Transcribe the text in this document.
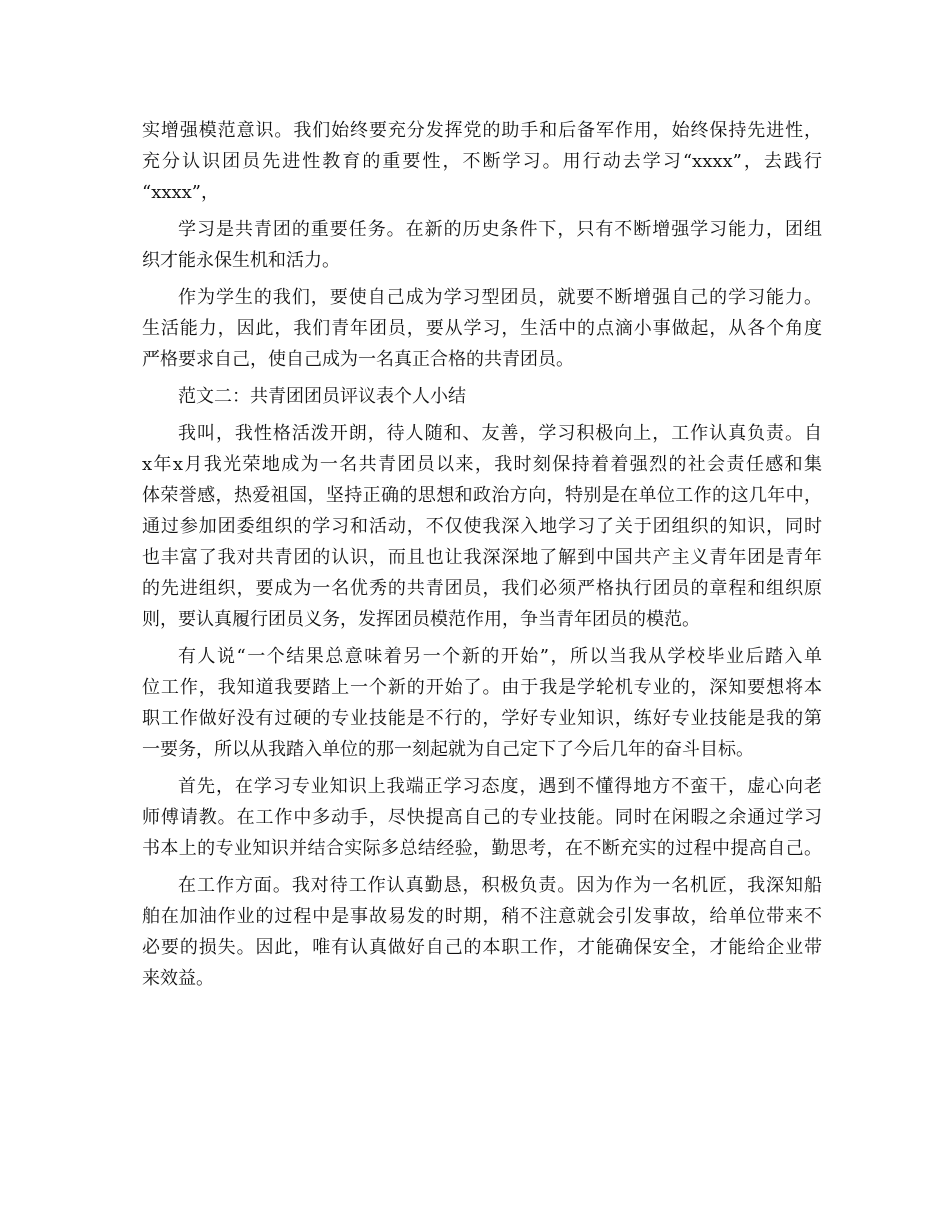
实增强模范意识。我们始终要充分发挥党的助手和后备军作用，始终保持先进性，
充分认识团员先进性教育的重要性，不断学习。用行动去学习“xxxx”，去践行
“xxxx”，
学习是共青团的重要任务。在新的历史条件下，只有不断增强学习能力，团组
织才能永保生机和活力。
作为学生的我们，要使自己成为学习型团员，就要不断增强自己的学习能力。
生活能力，因此，我们青年团员，要从学习，生活中的点滴小事做起，从各个角度
严格要求自己，使自己成为一名真正合格的共青团员。
范文二：共青团团员评议表个人小结
我叫，我性格活泼开朗，待人随和、友善，学习积极向上，工作认真负责。自
x年x月我光荣地成为一名共青团员以来，我时刻保持着着强烈的社会责任感和集
体荣誉感，热爱祖国，坚持正确的思想和政治方向，特别是在单位工作的这几年中，
通过参加团委组织的学习和活动，不仅使我深入地学习了关于团组织的知识，同时
也丰富了我对共青团的认识，而且也让我深深地了解到中国共产主义青年团是青年
的先进组织，要成为一名优秀的共青团员，我们必须严格执行团员的章程和组织原
则，要认真履行团员义务，发挥团员模范作用，争当青年团员的模范。
有人说“一个结果总意味着另一个新的开始”，所以当我从学校毕业后踏入单
位工作，我知道我要踏上一个新的开始了。由于我是学轮机专业的，深知要想将本
职工作做好没有过硬的专业技能是不行的，学好专业知识，练好专业技能是我的第
一要务，所以从我踏入单位的那一刻起就为自己定下了今后几年的奋斗目标。
首先，在学习专业知识上我端正学习态度，遇到不懂得地方不蛮干，虚心向老
师傅请教。在工作中多动手，尽快提高自己的专业技能。同时在闲暇之余通过学习
书本上的专业知识并结合实际多总结经验，勤思考，在不断充实的过程中提高自己。
在工作方面。我对待工作认真勤恳，积极负责。因为作为一名机匠，我深知船
舶在加油作业的过程中是事故易发的时期，稍不注意就会引发事故，给单位带来不
必要的损失。因此，唯有认真做好自己的本职工作，才能确保安全，才能给企业带
来效益。
